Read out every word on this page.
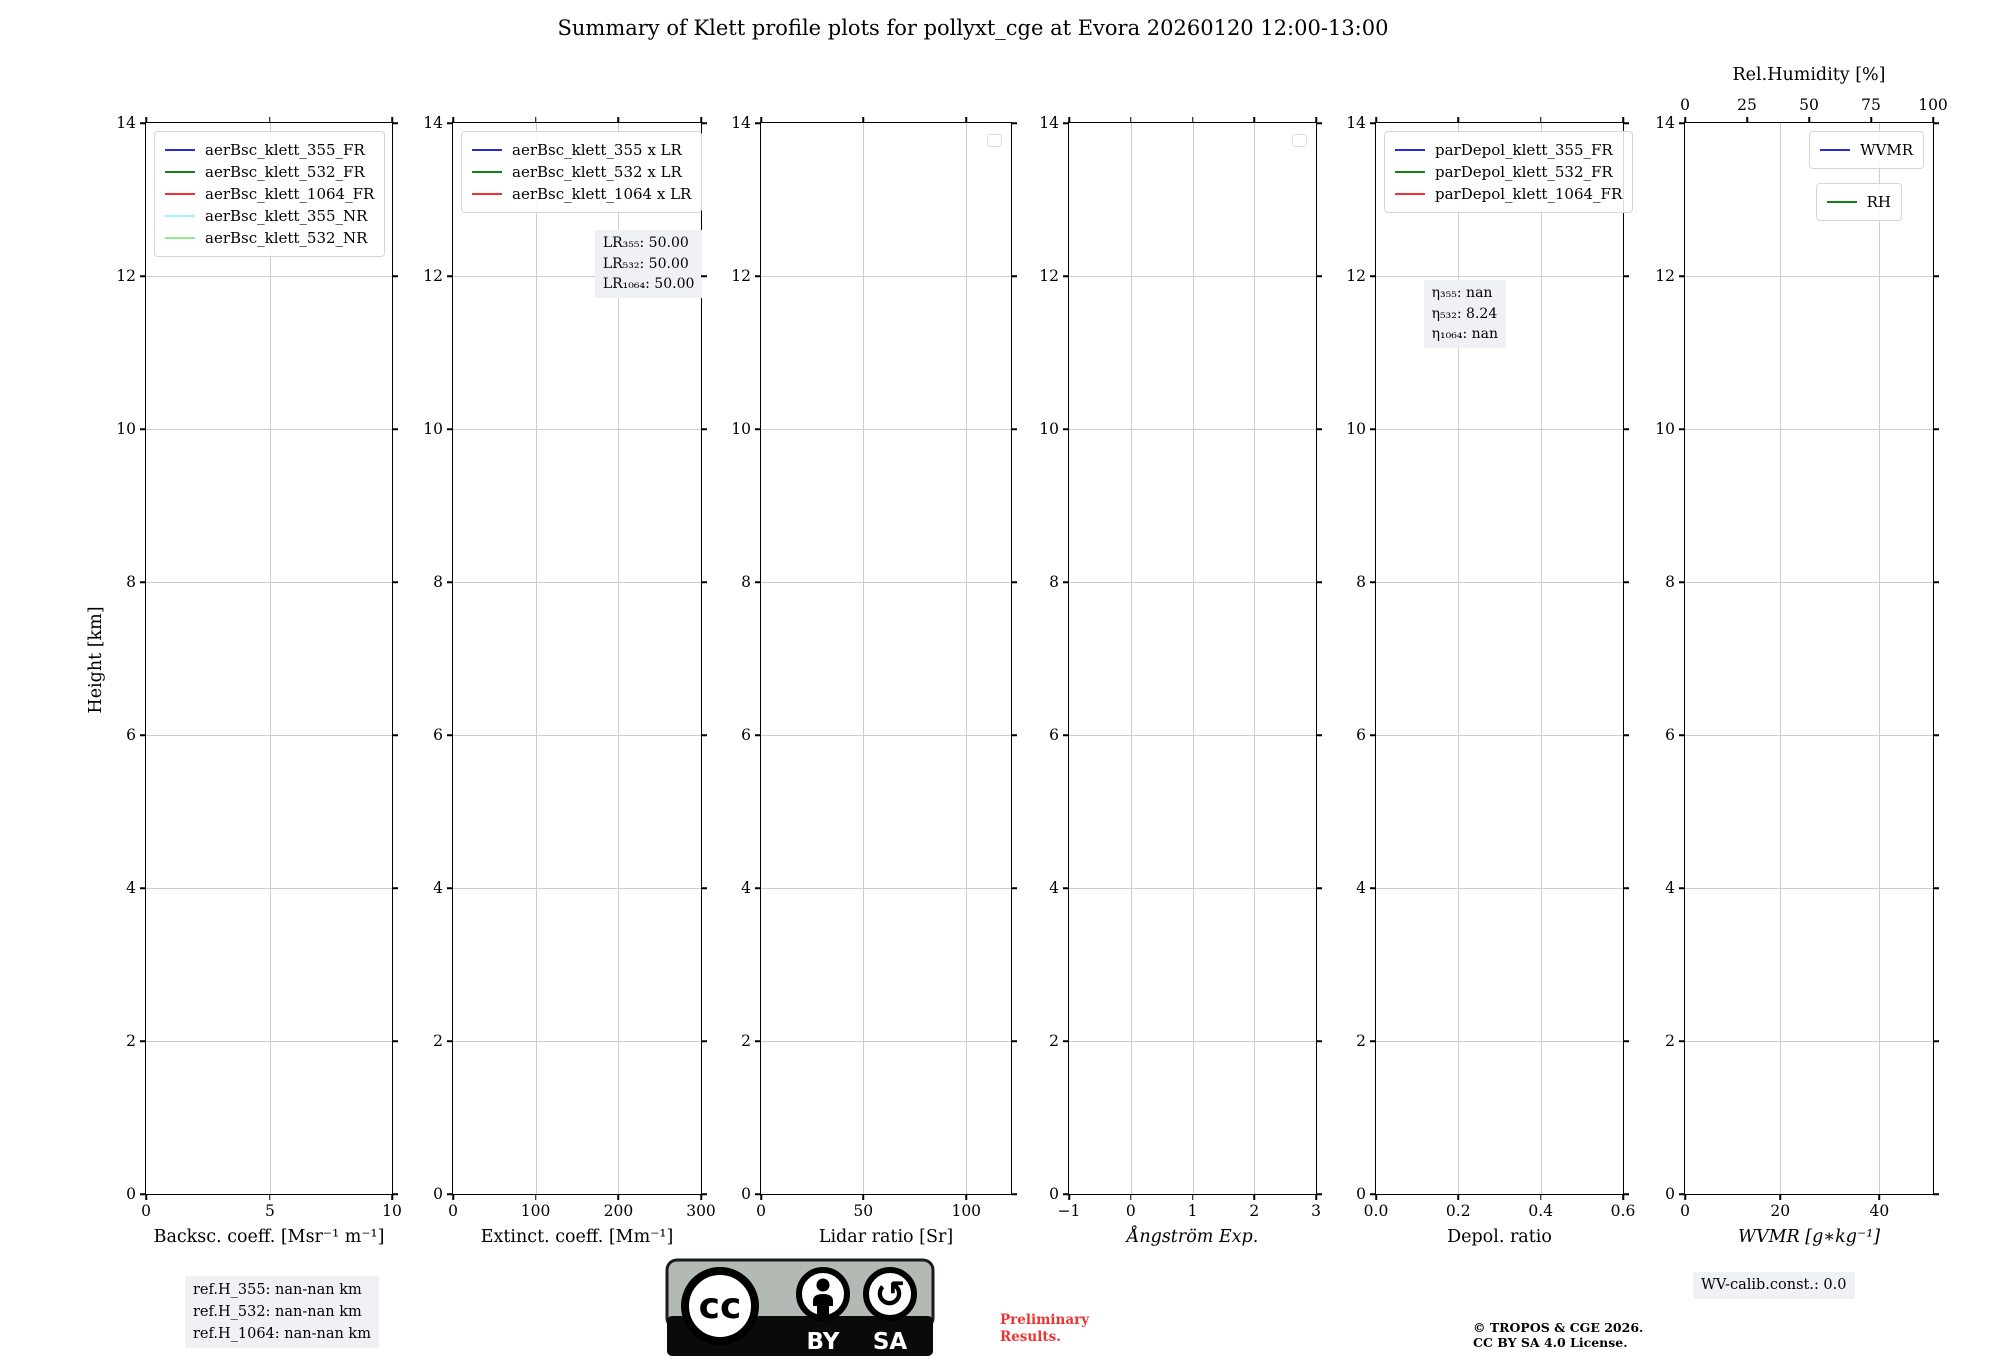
Summary of Klett profile plots for pollyxt_cge at Evora 20260120 12:00-13:00
Height [km]
ref.H_355: nan-nan km
ref.H_532: nan-nan km
ref.H_1064: nan-nan km
cc	↺
BY SA
Preliminary
Results.
© TROPOS & CGE 2026.
CC BY SA 4.0 License.
WV-calib.const.: 0.0
14
12
10
8
6
4
2
0
0	5	10
Backsc. coeff. [Msr⁻¹ m⁻¹]
aerBsc_klett_355_FR
aerBsc_klett_532_FR
aerBsc_klett_1064_FR
aerBsc_klett_355_NR
aerBsc_klett_532_NR
14
12
10
8
6
4
2
0
0	100	200	300
Extinct. coeff. [Mm⁻¹]
aerBsc_klett_355 x LR
aerBsc_klett_532 x LR
aerBsc_klett_1064 x LR
LR₃₅₅: 50.00
LR₅₃₂: 50.00
LR₁₀₆₄: 50.00
14
12
10
8
6
4
2
0
0	50	100
Lidar ratio [Sr]
14
12
10
8
6
4
2
0
−1	0	1	2	3
Ångström Exp.
14
12
10
8
6
4
2
0
0.0	0.2	0.4	0.6
Depol. ratio
parDepol_klett_355_FR
parDepol_klett_532_FR
parDepol_klett_1064_FR
η₃₅₅: nan
η₅₃₂: 8.24
η₁₀₆₄: nan
14
12
10
8
6
4
2
0
0	20	40
0	25	50	75 100
Rel.Humidity [%]
WVMR [g∗kg⁻¹]
WVMR
RH
